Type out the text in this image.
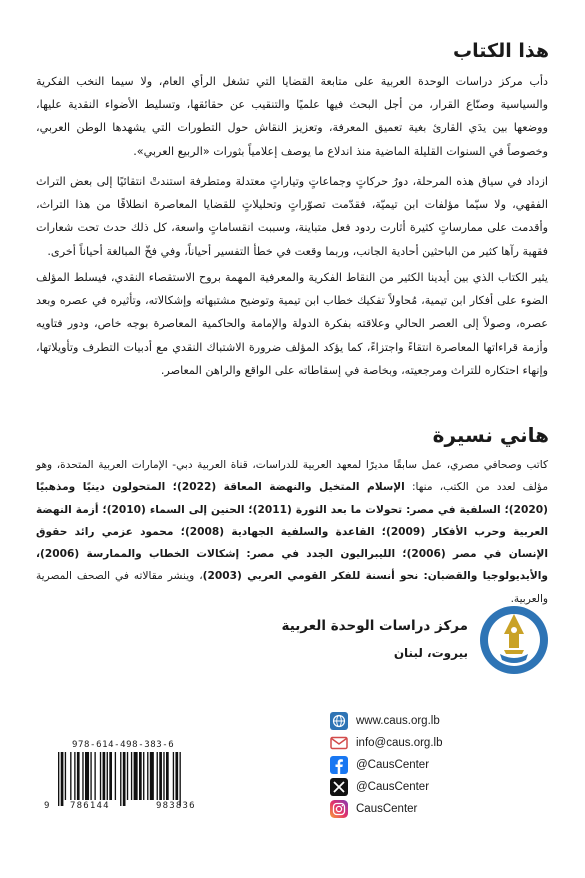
هذا الكتاب

دأب مركز دراسات الوحدة العربية على متابعة القضايا التي تشغل الرأي العام، ولا سيما النخب الفكرية والسياسية وصنّاع القرار، من أجل البحث فيها علميًا والتنقيب عن حقائقها، وتسليط الأضواء النقدية عليها، ووضعها بين يدَي القارئ بغية تعميق المعرفة، وتعزيز النقاش حول التطورات التي يشهدها الوطن العربي، وخصوصاً في السنوات القليلة الماضية منذ اندلاع ما يوصف إعلامياً بثورات «الربيع العربي».

ازداد في سياق هذه المرحلة، دورُ حركاتٍ وجماعاتٍ وتياراتٍ معتدلة ومتطرفة استندتْ انتقائيًا إلى بعض التراث الفقهي، ولا سيّما مؤلفات ابن تيميّة، فقدّمت تصوّراتٍ وتحليلاتٍ للقضايا المعاصرة انطلاقًا من هذا التراث، وأقدمت على ممارساتٍ كثيرة أثارت ردود فعل متباينة، وسببت انقساماتٍ واسعة، كل ذلك حدث تحت شعارات فقهية رآها كثير من الباحثين أحادية الجانب، وربما وقعت في خطأ التفسير أحياناً، وفي فخّ المبالغة أحياناً أخرى.

يثير الكتاب الذي بين أيدينا الكثير من النقاط الفكرية والمعرفية المهمة بروح الاستقصاء النقدي، فيسلط المؤلف الضوء على أفكار ابن تيمية، مُحاولاً تفكيك خطاب ابن تيمية وتوضيح مشتبهاته وإشكالاته، وتأثيره في عصره وبعد عصره، وصولاً إلى العصر الحالي وعلاقته بفكرة الدولة والإمامة والحاكمية المعاصرة بوجه خاص، ودور فتاويه وأزمة قراءاتها المعاصرة انتقاءً واجتزاءً، كما يؤكد المؤلف ضرورة الاشتباك النقدي مع أدبيات التطرف وتأويلاتها، وإنهاء احتكاره للتراث ومرجعيته، وبخاصة في إسقاطاته على الواقع والراهن المعاصر.

هاني نسيرة

كاتب وصحافي مصري، عمل سابقًا مديرًا لمعهد العربية للدراسات، قناة العربية دبي- الإمارات العربية المتحدة، وهو مؤلف لعدد من الكتب، منها: الإسلام المتخيل والنهضة المعاقة (2022)؛ المتحولون دينيًا ومذهبيًا (2020)؛ السلفية في مصر: تحولات ما بعد الثورة (2011)؛ الحنين إلى السماء (2010)؛ أزمة النهضة العربية وحرب الأفكار (2009)؛ القاعدة والسلفية الجهادية (2008)؛ محمود عزمي رائد حقوق الإنسان في مصر (2006)؛ الليبراليون الجدد في مصر: إشكالات الخطاب والممارسة (2006)، والأيديولوجيا والقضبان: نحو أنسنة للفكر القومي العربي (2003)، وينشر مقالاته في الصحف المصرية والعربية.

مركز دراسات الوحدة العربية
بيروت، لبنان
www.caus.org.lb
info@caus.org.lb
@CausCenter
@CausCenter
CausCenter
978-614-498-383-6
9 786144	983836
